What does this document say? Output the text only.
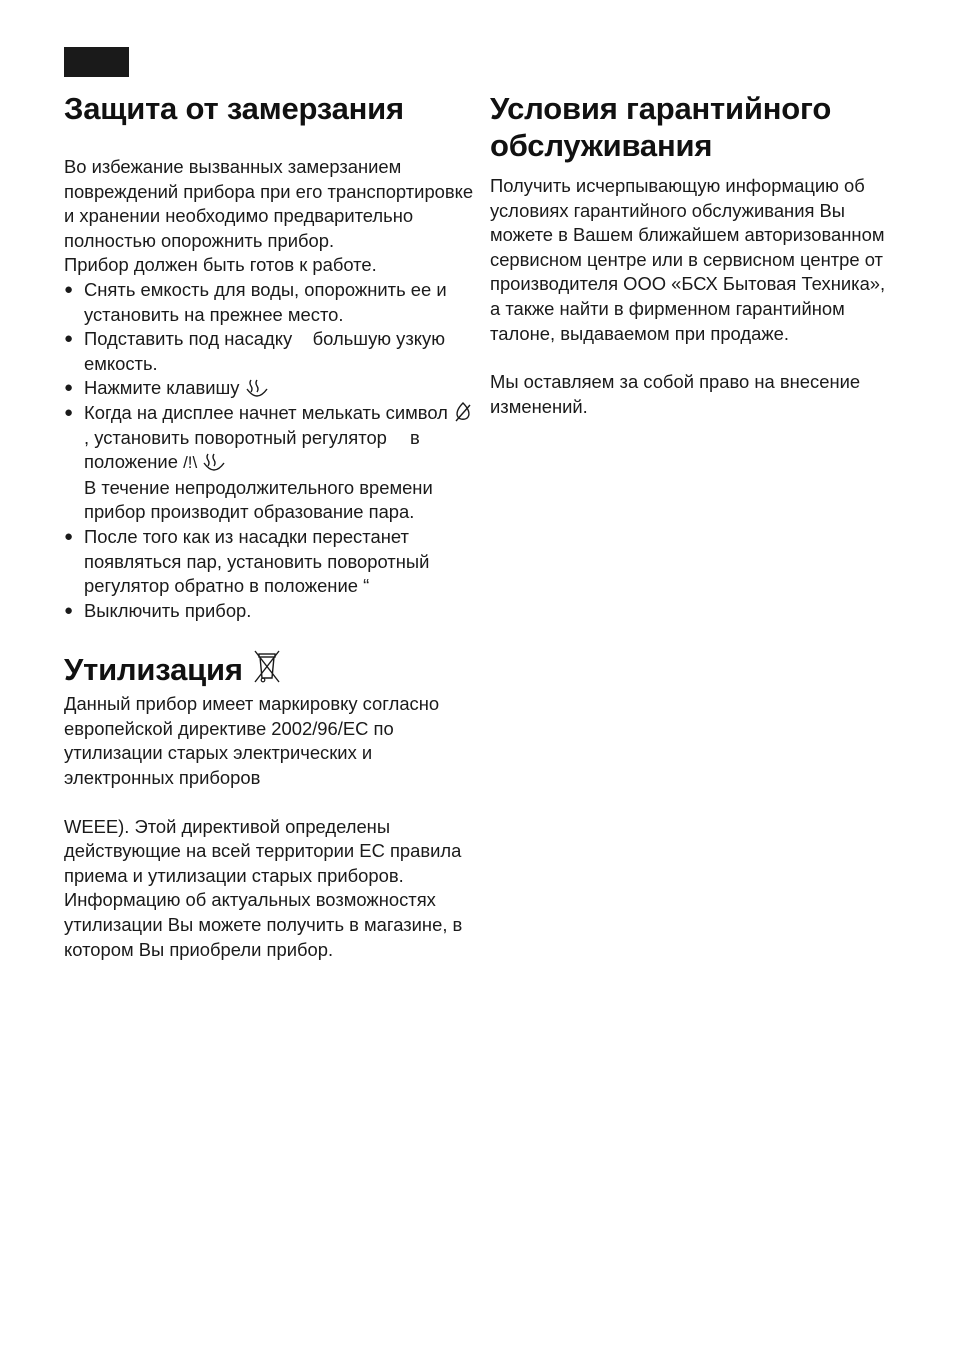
Защита от замерзания

Во избежание вызванных замерзанием повреждений прибора при его транспортировке и хранении необходимо предварительно полностью опорожнить прибор.

Прибор должен быть готов к работе.

● Снять емкость для воды, опорожнить ее и установить на прежнее место.
● Подставить под насадку большую узкую емкость.
● Нажмите клавишу
● Когда на дисплее начнет мелькать символ , установить поворотный регулятор в положение /!\
В течение непродолжительного времени прибор производит образование пара.
● После того как из насадки перестанет появляться пар, установить поворотный регулятор обратно в положение “
● Выключить прибор.
Утилизация

Данный прибор имеет маркировку согласно европейской директиве 2002/96/EC по утилизации старых электрических и электронных приборов

WEEE). Этой директивой определены действующие на всей территории ЕС правила приема и утилизации старых приборов. Информацию об актуальных возможностях утилизации Вы можете получить в магазине, в котором Вы приобрели прибор.

Условия гарантийного обслуживания

Получить исчерпывающую информацию об условиях гарантийного обслуживания Вы можете в Вашем ближайшем авторизованном сервисном центре или в сервисном центре от производителя ООО «БСХ Бытовая Техника», а также найти в фирменном гарантийном талоне, выдаваемом при продаже.

Мы оставляем за собой право на внесение изменений.
